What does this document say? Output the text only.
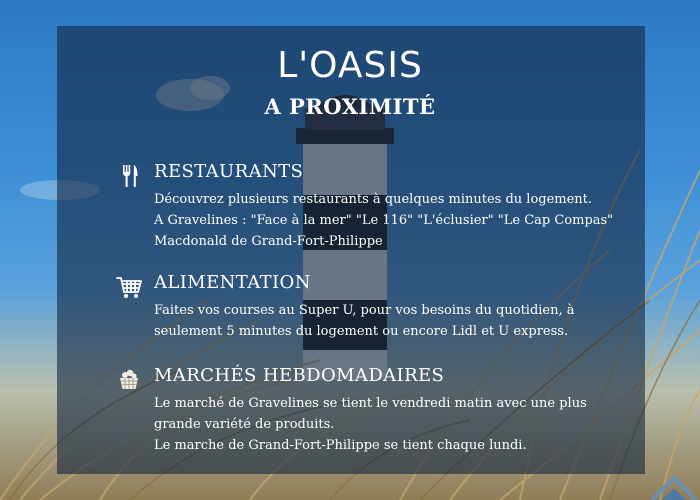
L'OASIS
A PROXIMITÉ
RESTAURANTS

Découvrez plusieurs restaurants à quelques minutes du logement.

A Gravelines : "Face à la mer" "Le 116" "L'éclusier" "Le Cap Compas"

Macdonald de Grand-Fort-Philippe

ALIMENTATION

Faites vos courses au Super U, pour vos besoins du quotidien, à seulement 5 minutes du logement ou encore Lidl et U express.

MARCHÉS HEBDOMADAIRES

Le marché de Gravelines se tient le vendredi matin avec une plus grande variété de produits.

Le marche de Grand-Fort-Philippe se tient chaque lundi.
